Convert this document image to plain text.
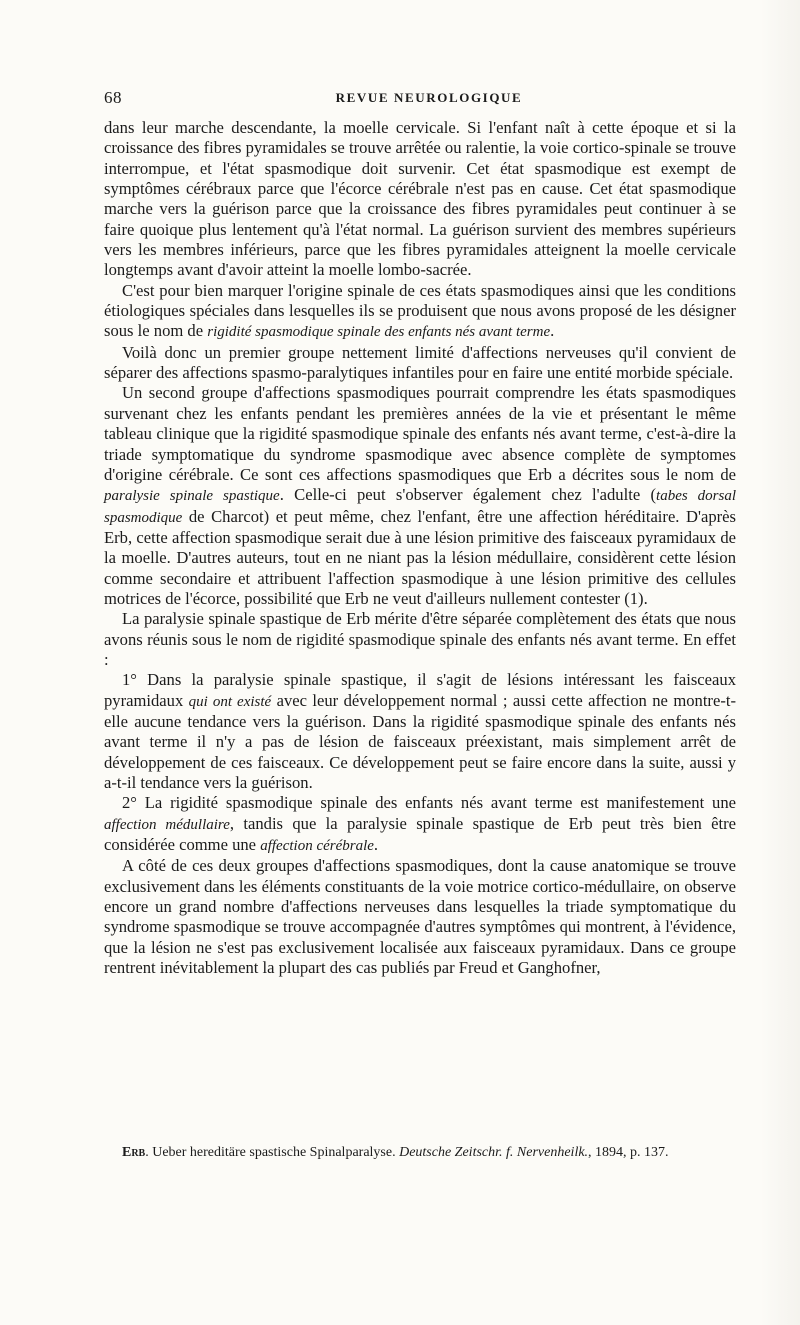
68	REVUE NEUROLOGIQUE

dans leur marche descendante, la moelle cervicale. Si l'enfant naît à cette époque et si la croissance des fibres pyramidales se trouve arrêtée ou ralentie, la voie cortico-spinale se trouve interrompue, et l'état spasmodique doit survenir. Cet état spasmodique est exempt de symptômes cérébraux parce que l'écorce cérébrale n'est pas en cause. Cet état spasmodique marche vers la guérison parce que la croissance des fibres pyramidales peut continuer à se faire quoique plus lentement qu'à l'état normal. La guérison survient des membres supérieurs vers les membres inférieurs, parce que les fibres pyramidales atteignent la moelle cervicale longtemps avant d'avoir atteint la moelle lombo-sacrée.

C'est pour bien marquer l'origine spinale de ces états spasmodiques ainsi que les conditions étiologiques spéciales dans lesquelles ils se produisent que nous avons proposé de les désigner sous le nom de rigidité spasmodique spinale des enfants nés avant terme.

Voilà donc un premier groupe nettement limité d'affections nerveuses qu'il convient de séparer des affections spasmo-paralytiques infantiles pour en faire une entité morbide spéciale.

Un second groupe d'affections spasmodiques pourrait comprendre les états spasmodiques survenant chez les enfants pendant les premières années de la vie et présentant le même tableau clinique que la rigidité spasmodique spinale des enfants nés avant terme, c'est-à-dire la triade symptomatique du syndrome spasmodique avec absence complète de symptomes d'origine cérébrale. Ce sont ces affections spasmodiques que Erb a décrites sous le nom de paralysie spinale spastique. Celle-ci peut s'observer également chez l'adulte (tabes dorsal spasmodique de Charcot) et peut même, chez l'enfant, être une affection héréditaire. D'après Erb, cette affection spasmodique serait due à une lésion primitive des faisceaux pyramidaux de la moelle. D'autres auteurs, tout en ne niant pas la lésion médullaire, considèrent cette lésion comme secondaire et attribuent l'affection spasmodique à une lésion primitive des cellules motrices de l'écorce, possibilité que Erb ne veut d'ailleurs nullement contester (1).

La paralysie spinale spastique de Erb mérite d'être séparée complètement des états que nous avons réunis sous le nom de rigidité spasmodique spinale des enfants nés avant terme. En effet :

1° Dans la paralysie spinale spastique, il s'agit de lésions intéressant les faisceaux pyramidaux qui ont existé avec leur développement normal ; aussi cette affection ne montre-t-elle aucune tendance vers la guérison. Dans la rigidité spasmodique spinale des enfants nés avant terme il n'y a pas de lésion de faisceaux préexistant, mais simplement arrêt de développement de ces faisceaux. Ce développement peut se faire encore dans la suite, aussi y a-t-il tendance vers la guérison.

2° La rigidité spasmodique spinale des enfants nés avant terme est manifestement une affection médullaire, tandis que la paralysie spinale spastique de Erb peut très bien être considérée comme une affection cérébrale.

A côté de ces deux groupes d'affections spasmodiques, dont la cause anatomique se trouve exclusivement dans les éléments constituants de la voie motrice cortico-médullaire, on observe encore un grand nombre d'affections nerveuses dans lesquelles la triade symptomatique du syndrome spasmodique se trouve accompagnée d'autres symptômes qui montrent, à l'évidence, que la lésion ne s'est pas exclusivement localisée aux faisceaux pyramidaux. Dans ce groupe rentrent inévitablement la plupart des cas publiés par Freud et Ganghofner,

Erb. Ueber hereditäre spastische Spinalparalyse. Deutsche Zeitschr. f. Nervenheilk., 1894, p. 137.
